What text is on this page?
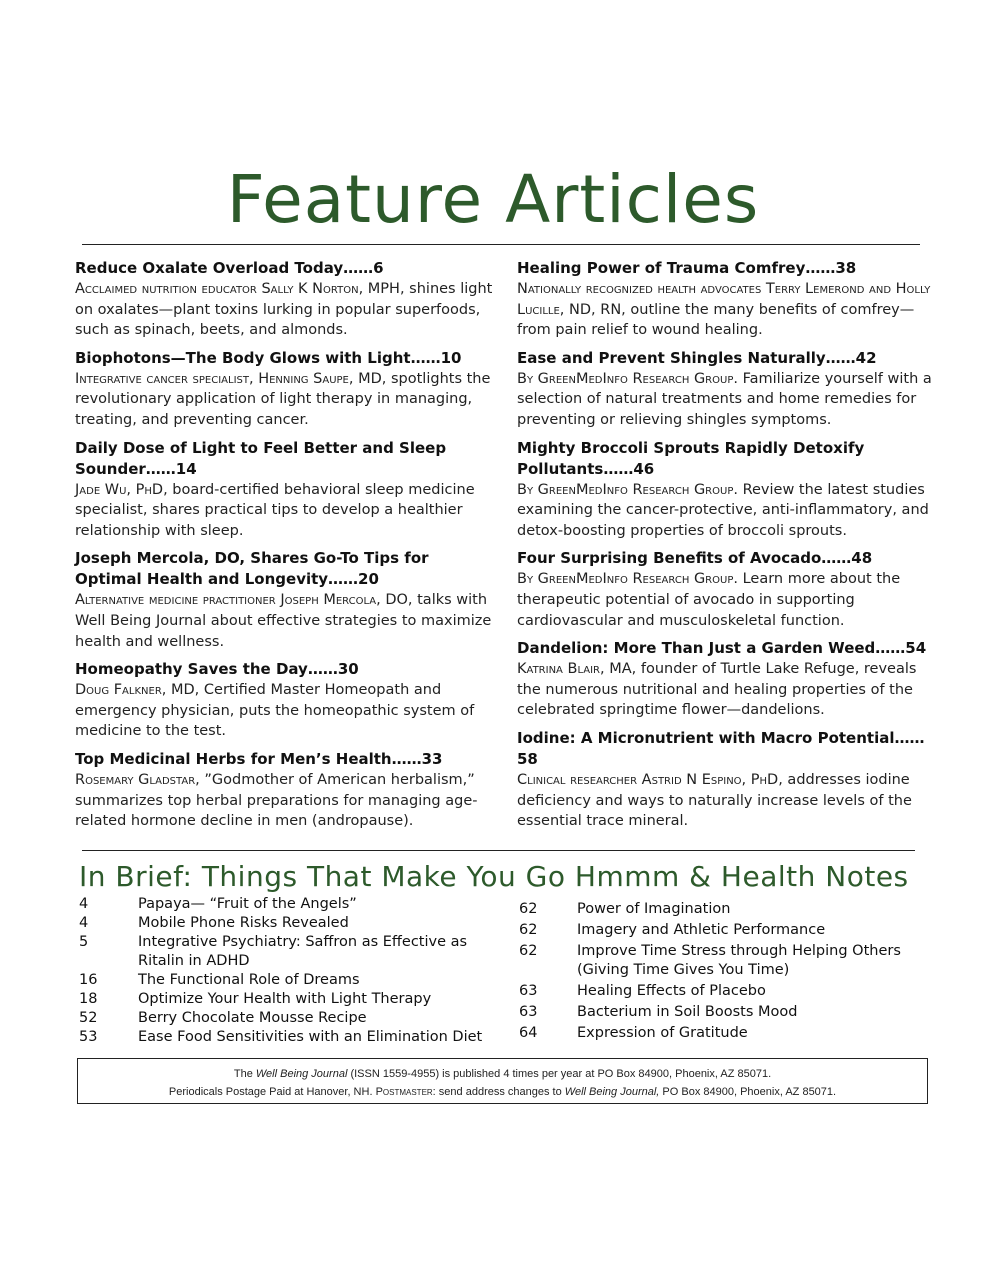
Feature Articles
Reduce Oxalate Overload Today……6
Acclaimed nutrition educator Sally K Norton, MPH, shines light on oxalates—plant toxins lurking in popular superfoods, such as spinach, beets, and almonds.
Biophotons—The Body Glows with Light……10
Integrative cancer specialist, Henning Saupe, MD, spotlights the revolutionary application of light therapy in managing, treating, and preventing cancer.
Daily Dose of Light to Feel Better and Sleep Sounder……14
Jade Wu, PhD, board-certified behavioral sleep medicine specialist, shares practical tips to develop a healthier relationship with sleep.
Joseph Mercola, DO, Shares Go-To Tips for Optimal Health and Longevity……20
Alternative medicine practitioner Joseph Mercola, DO, talks with Well Being Journal about effective strategies to maximize health and wellness.
Homeopathy Saves the Day……30
Doug Falkner, MD, Certified Master Homeopath and emergency physician, puts the homeopathic system of medicine to the test.
Top Medicinal Herbs for Men’s Health……33
Rosemary Gladstar, ”Godmother of American herbalism,” summarizes top herbal preparations for managing age-related hormone decline in men (andropause).
Healing Power of Trauma Comfrey……38
Nationally recognized health advocates Terry Lemerond and Holly Lucille, ND, RN, outline the many benefits of comfrey—from pain relief to wound healing.
Ease and Prevent Shingles Naturally……42
By GreenMedInfo Research Group. Familiarize yourself with a selection of natural treatments and home remedies for preventing or relieving shingles symptoms.
Mighty Broccoli Sprouts Rapidly Detoxify Pollutants……46
By GreenMedInfo Research Group. Review the latest studies examining the cancer-protective, anti-inflammatory, and detox-boosting properties of broccoli sprouts.
Four Surprising Benefits of Avocado……48
By GreenMedInfo Research Group. Learn more about the therapeutic potential of avocado in supporting cardiovascular and musculoskeletal function.
Dandelion: More Than Just a Garden Weed……54
Katrina Blair, MA, founder of Turtle Lake Refuge, reveals the numerous nutritional and healing properties of the celebrated springtime flower—dandelions.
Iodine: A Micronutrient with Macro Potential……58
Clinical researcher Astrid N Espino, PhD, addresses iodine deficiency and ways to naturally increase levels of the essential trace mineral.
In Brief: Things That Make You Go Hmmm & Health Notes
4	Papaya— “Fruit of the Angels”
4	Mobile Phone Risks Revealed
5	Integrative Psychiatry: Saffron as Effective as Ritalin in ADHD
16	The Functional Role of Dreams
18	Optimize Your Health with Light Therapy
52	Berry Chocolate Mousse Recipe
53	Ease Food Sensitivities with an Elimination Diet
62	Power of Imagination
62	Imagery and Athletic Performance
62	Improve Time Stress through Helping Others (Giving Time Gives You Time)
63	Healing Effects of Placebo
63	Bacterium in Soil Boosts Mood
64	Expression of Gratitude
The Well Being Journal (ISSN 1559-4955) is published 4 times per year at PO Box 84900, Phoenix, AZ 85071.
Periodicals Postage Paid at Hanover, NH. Postmaster: send address changes to Well Being Journal, PO Box 84900, Phoenix, AZ 85071.
